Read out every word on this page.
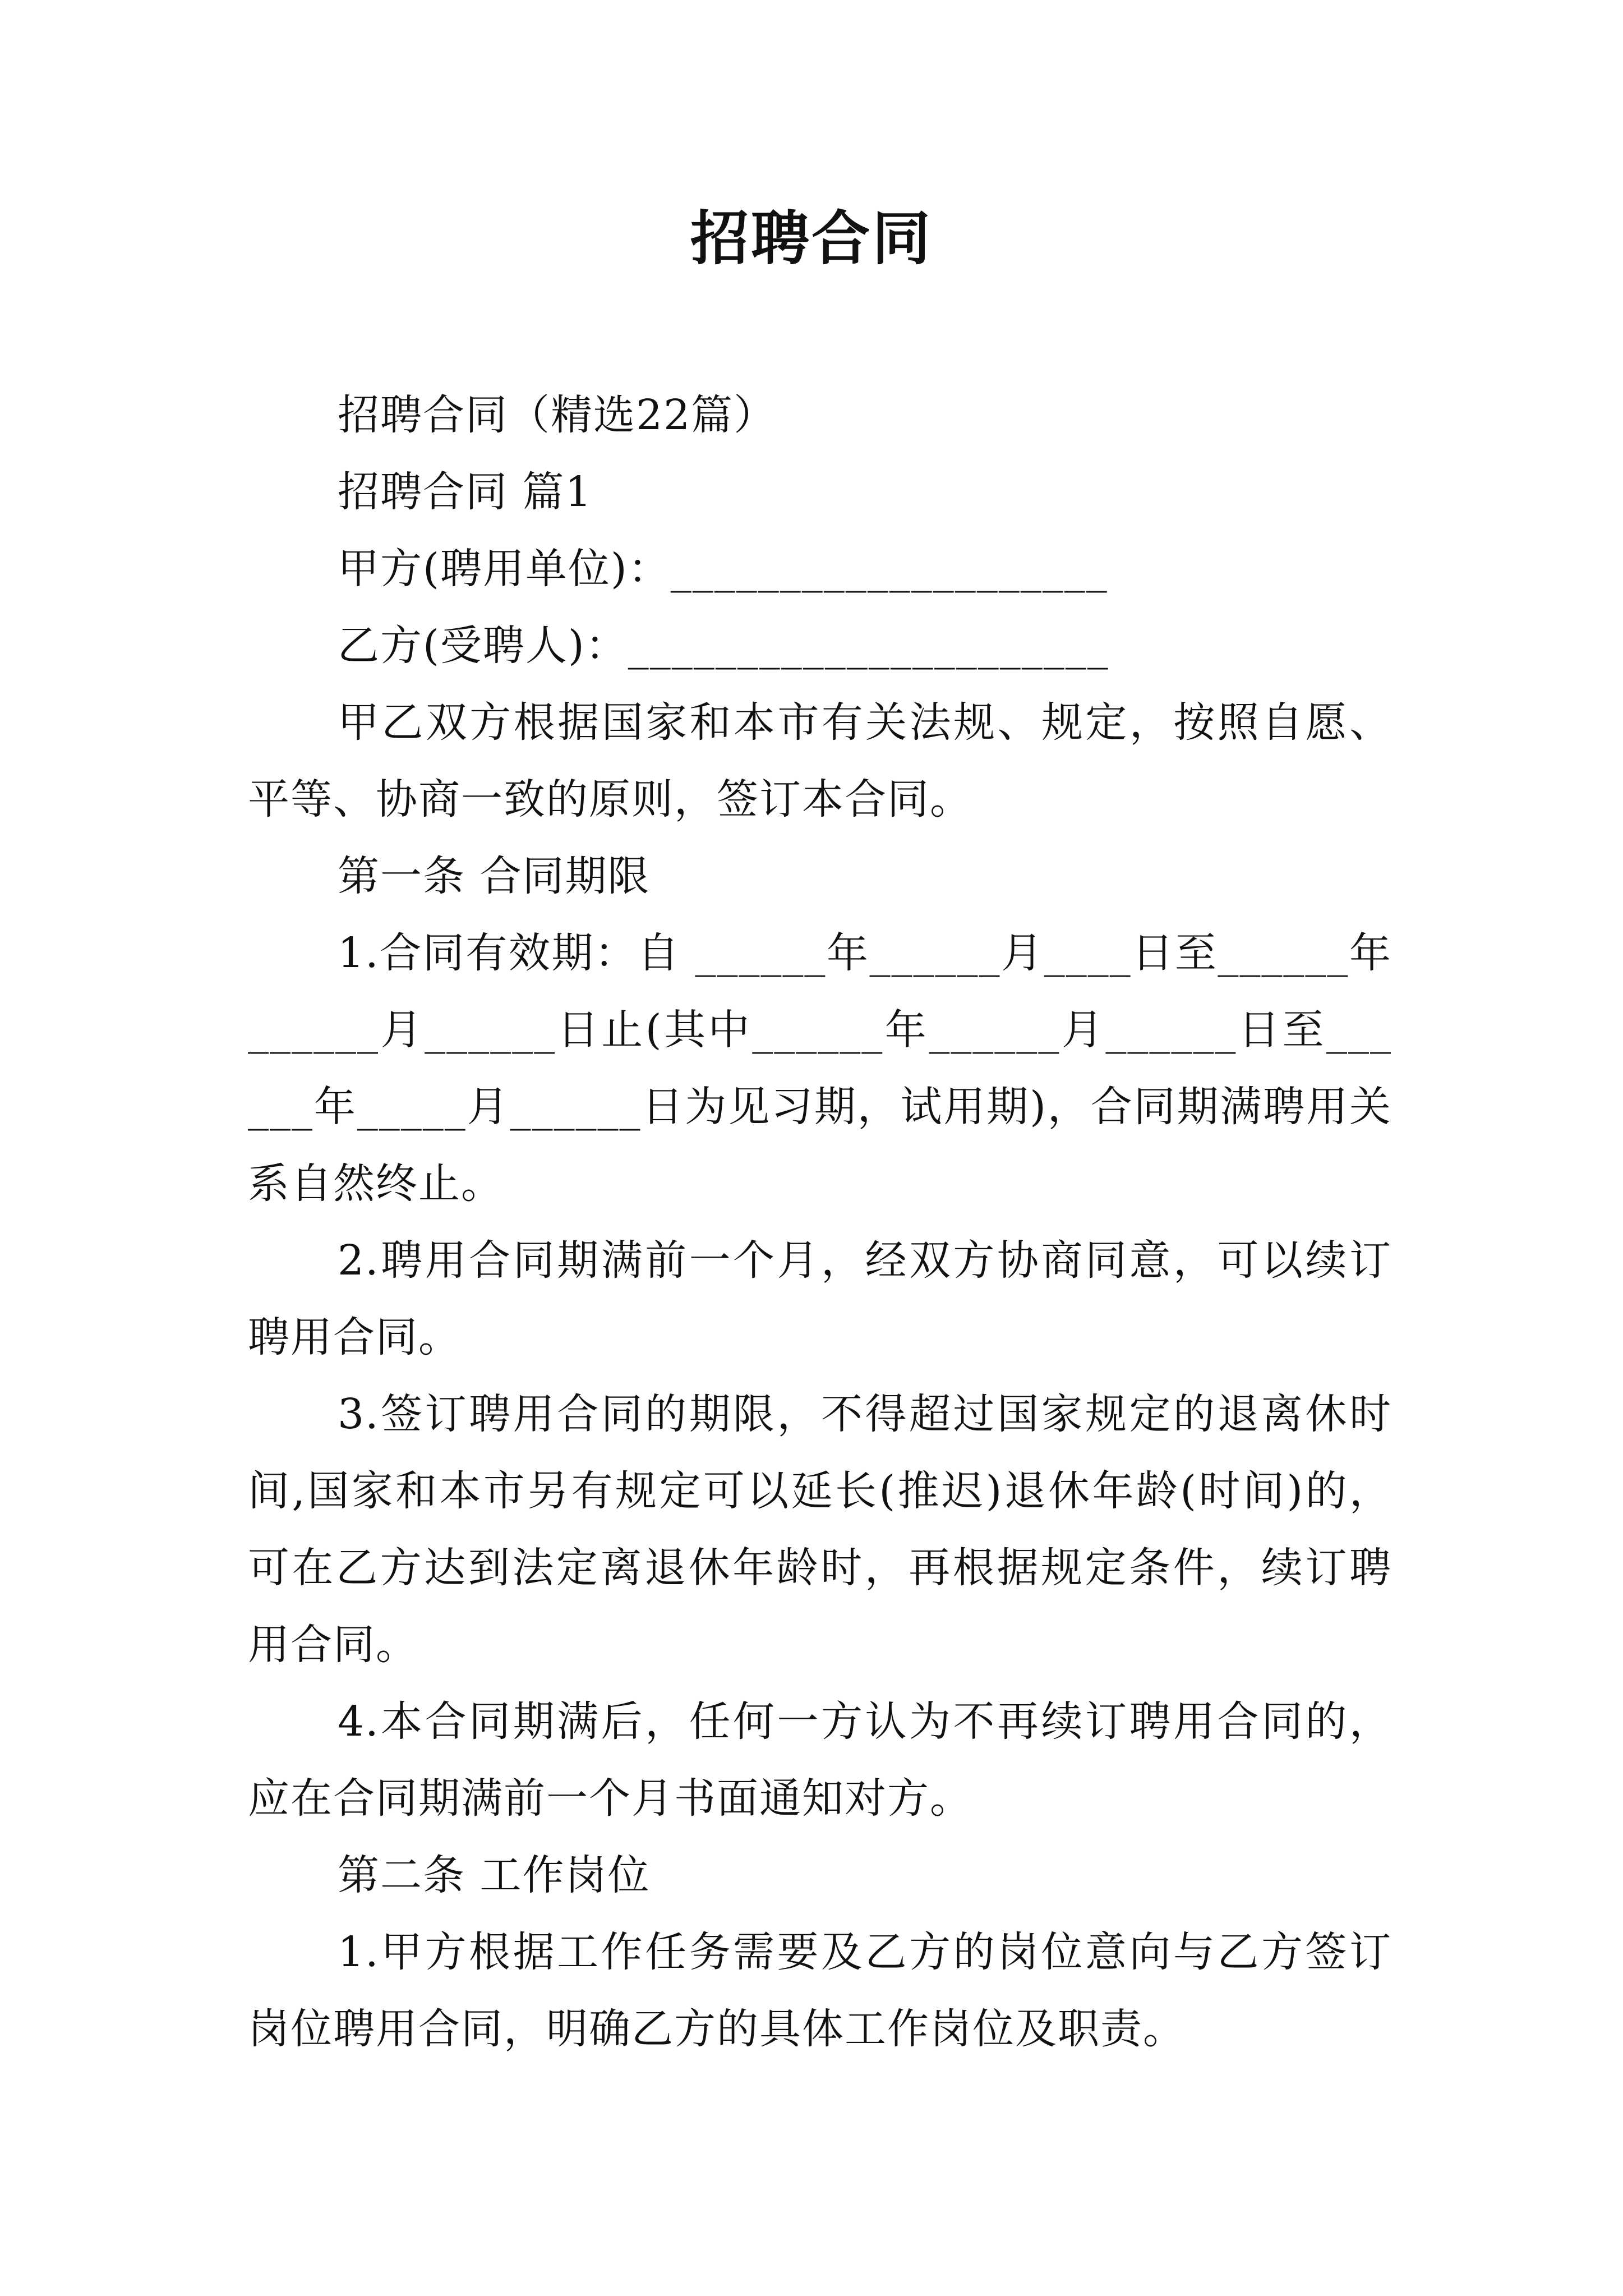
招聘合同

招聘合同（精选22篇）

招聘合同 篇1

甲方(聘用单位)：____________________

乙方(受聘人)：______________________

甲乙双方根据国家和本市有关法规、规定，按照自愿、平等、协商一致的原则，签订本合同。

第一条 合同期限

1.合同有效期：自 ______年______月____日至______年______月______日止(其中______年______月______日至______年_____月______日为见习期，试用期)，合同期满聘用关系自然终止。

2.聘用合同期满前一个月，经双方协商同意，可以续订聘用合同。

3.签订聘用合同的期限，不得超过国家规定的退离休时间,国家和本市另有规定可以延长(推迟)退休年龄(时间)的，可在乙方达到法定离退休年龄时，再根据规定条件，续订聘用合同。

4.本合同期满后，任何一方认为不再续订聘用合同的，应在合同期满前一个月书面通知对方。

第二条 工作岗位

1.甲方根据工作任务需要及乙方的岗位意向与乙方签订岗位聘用合同，明确乙方的具体工作岗位及职责。
